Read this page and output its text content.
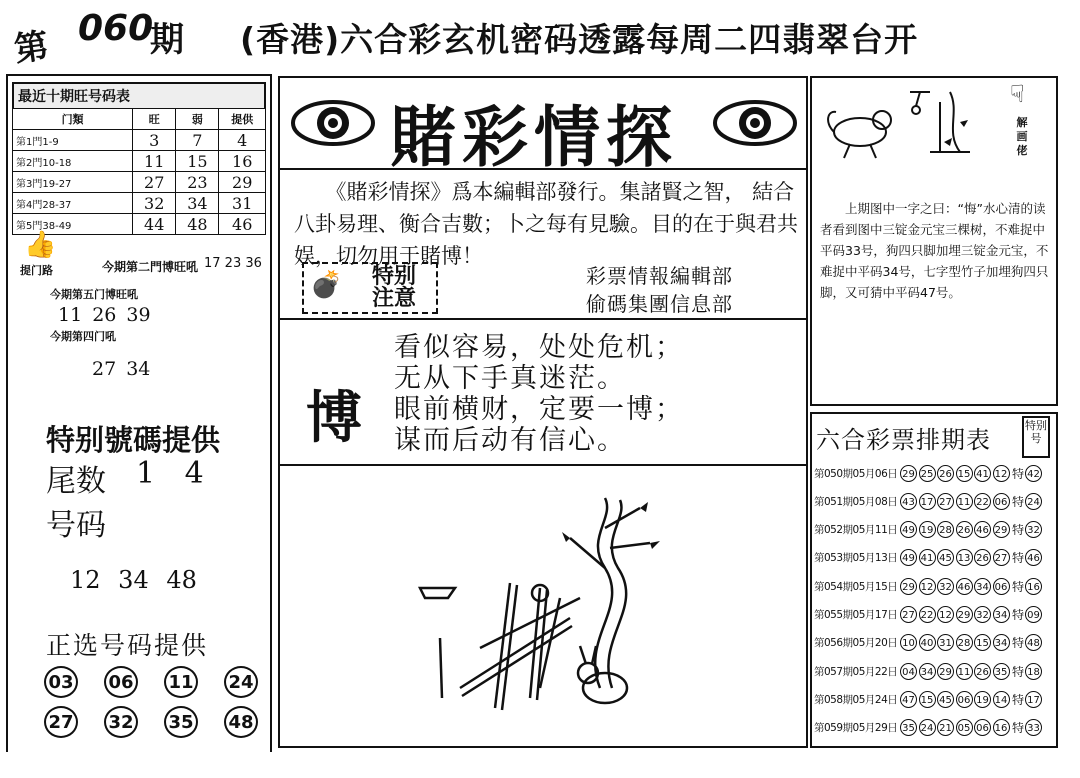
第 060
期 (香港)六合彩玄机密码透露每周二四翡翠台开
最近十期旺号码表
门類	旺	弱	提供
第1門1-9	3	7	4
第2門10-18	11	15	16
第3門19-27	27	23	29
第4門28-37	32	34	31
第5門38-49	44	48	46
👍
提门路	今期第二門博旺吼 17 23 36
今期第五门博旺吼
11 26 39
今期第四门吼
27 34
特别號碼提供
尾数 1 4
号码
12 34 48
正选号码提供
03 06 11 24
27 32 35 48
賭彩情探
《賭彩情探》爲本編輯部發行。集諸賢之智， 結合八卦易理、衡合吉數；卜之每有見驗。目的在于與君共娱，切勿用于賭博！
💣	特别注意
彩票情報編輯部
偷碼集團信息部
博
看似容易，处处危机；
无从下手真迷茫。
眼前横财，定要一博；
谋而后动有信心。
☟
解画佬
上期图中一字之曰：“悔”水心清的读者看到图中三锭金元宝三棵树，不难捉中平码33号，狗四只脚加埋三锭金元宝，不难捉中平码34号，七字型竹子加埋狗四只脚，又可猜中平码47号。
六合彩票排期表
特别号
第050期05月06日 29 25 26 15 41 12 特 42
第051期05月08日 43 17 27 11 22 06 特 24
第052期05月11日 49 19 28 26 46 29 特 32
第053期05月13日 49 41 45 13 26 27 特 46
第054期05月15日 29 12 32 46 34 06 特 16
第055期05月17日 27 22 12 29 32 34 特 09
第056期05月20日 10 40 31 28 15 34 特 48
第057期05月22日 04 34 29 11 26 35 特 18
第058期05月24日 47 15 45 06 19 14 特 17
第059期05月29日 35 24 21 05 06 16 特 33
